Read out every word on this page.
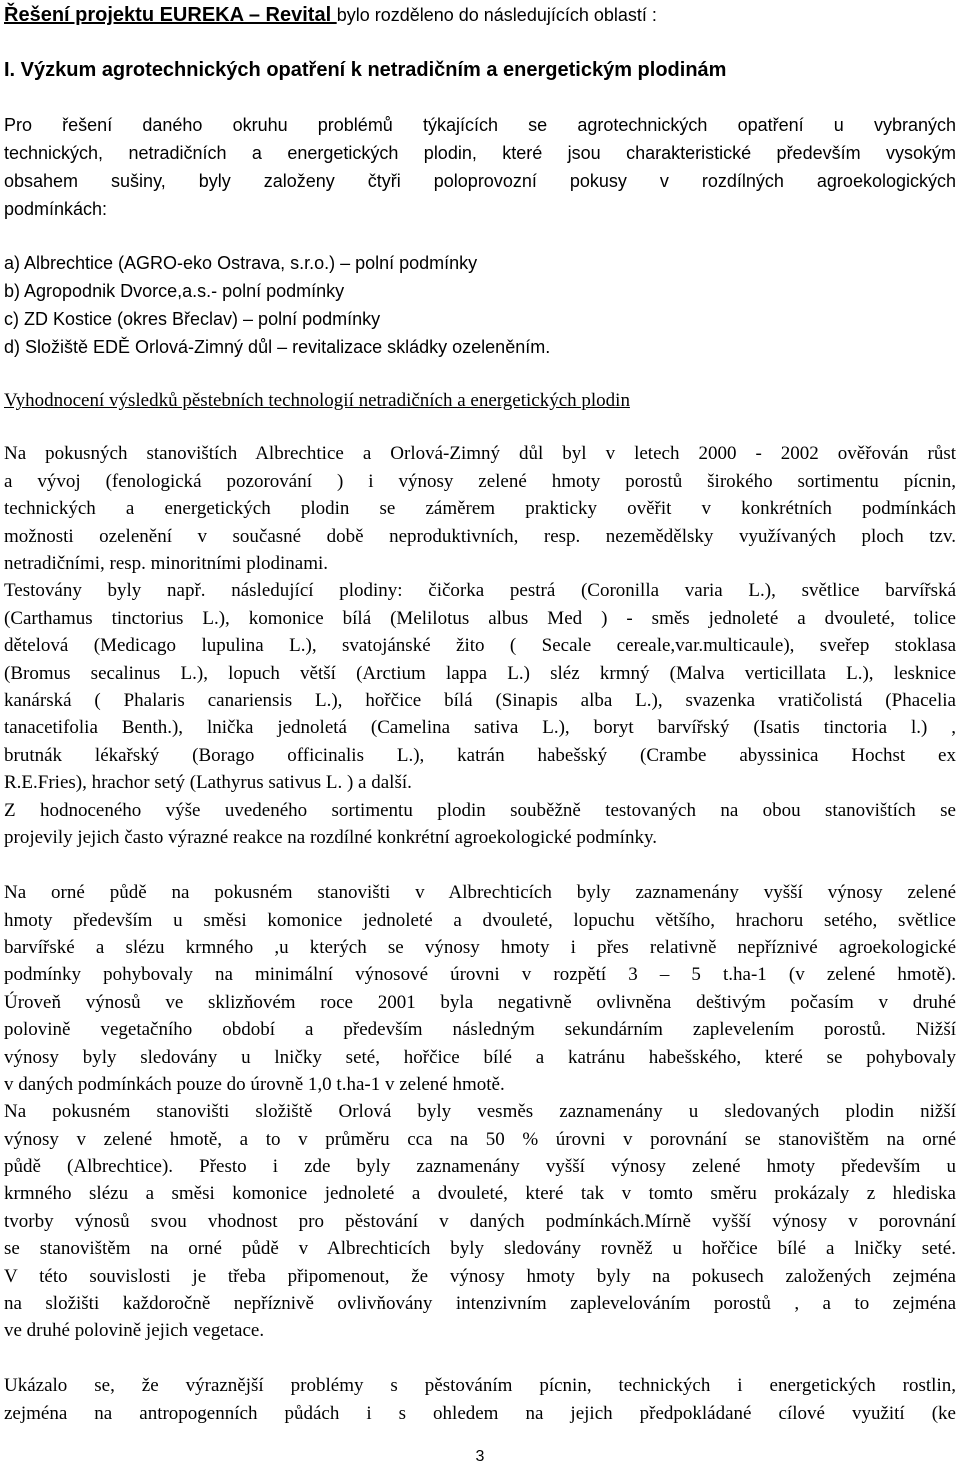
Řešení projektu EUREKA – Revital bylo rozděleno do následujících oblastí :
I. Výzkum agrotechnických opatření k netradičním a energetickým plodinám
Pro řešení daného okruhu problémů týkajících se agrotechnických opatření u vybraných
technických, netradičních a energetických plodin, které jsou charakteristické především vysokým
obsahem sušiny, byly založeny čtyři poloprovozní pokusy v rozdílných agroekologických
podmínkách:
a) Albrechtice (AGRO-eko Ostrava, s.r.o.) – polní podmínky
b) Agropodnik Dvorce,a.s.- polní podmínky
c) ZD Kostice (okres Břeclav) – polní podmínky
d) Složiště EDĚ Orlová-Zimný důl – revitalizace skládky ozeleněním.
Vyhodnocení výsledků pěstebních technologií netradičních a energetických plodin
Na pokusných stanovištích Albrechtice a Orlová-Zimný důl byl v letech 2000 - 2002 ověřován růst
a vývoj (fenologická pozorování ) i výnosy zelené hmoty porostů širokého sortimentu pícnin,
technických a energetických plodin se záměrem prakticky ověřit v konkrétních podmínkách
možnosti ozelenění v současné době neproduktivních, resp. nezemědělsky využívaných ploch tzv.
netradičními, resp. minoritními plodinami.
Testovány byly např. následující plodiny: čičorka pestrá (Coronilla varia L.), světlice barvířská
(Carthamus tinctorius L.), komonice bílá (Melilotus albus Med ) - směs jednoleté a dvouleté, tolice
dětelová (Medicago lupulina L.), svatojánské žito ( Secale cereale,var.multicaule), sveřep stoklasa
(Bromus secalinus L.), lopuch větší (Arctium lappa L.) sléz krmný (Malva verticillata L.), lesknice
kanárská ( Phalaris canariensis L.), hořčice bílá (Sinapis alba L.), svazenka vratičolistá (Phacelia
tanacetifolia Benth.), lnička jednoletá (Camelina sativa L.), boryt barvířský (Isatis tinctoria l.) ,
brutnák lékařský (Borago officinalis L.), katrán habešský (Crambe abyssinica Hochst ex
R.E.Fries), hrachor setý (Lathyrus sativus L. ) a další.
Z hodnoceného výše uvedeného sortimentu plodin souběžně testovaných na obou stanovištích se
projevily jejich často výrazné reakce na rozdílné konkrétní agroekologické podmínky.
Na orné půdě na pokusném stanovišti v Albrechticích byly zaznamenány vyšší výnosy zelené
hmoty především u směsi komonice jednoleté a dvouleté, lopuchu většího, hrachoru setého, světlice
barvířské a slézu krmného ,u kterých se výnosy hmoty i přes relativně nepříznivé agroekologické
podmínky pohybovaly na minimální výnosové úrovni v rozpětí 3 – 5 t.ha-1 (v zelené hmotě).
Úroveň výnosů ve sklizňovém roce 2001 byla negativně ovlivněna deštivým počasím v druhé
polovině vegetačního období a především následným sekundárním zaplevelením porostů. Nižší
výnosy byly sledovány u lničky seté, hořčice bílé a katránu habešského, které se pohybovaly
v daných podmínkách pouze do úrovně 1,0 t.ha-1 v zelené hmotě.
Na pokusném stanovišti složiště Orlová byly vesměs zaznamenány u sledovaných plodin nižší
výnosy v zelené hmotě, a to v průměru cca na 50 % úrovni v porovnání se stanovištěm na orné
půdě (Albrechtice). Přesto i zde byly zaznamenány vyšší výnosy zelené hmoty především u
krmného slézu a směsi komonice jednoleté a dvouleté, které tak v tomto směru prokázaly z hlediska
tvorby výnosů svou vhodnost pro pěstování v daných podmínkách.Mírně vyšší výnosy v porovnání
se stanovištěm na orné půdě v Albrechticích byly sledovány rovněž u hořčice bílé a lničky seté.
V této souvislosti je třeba připomenout, že výnosy hmoty byly na pokusech založených zejména
na složišti každoročně nepříznivě ovlivňovány intenzivním zaplevelováním porostů , a to zejména
ve druhé polovině jejich vegetace.
Ukázalo se, že výraznější problémy s pěstováním pícnin, technických i energetických rostlin,
zejména na antropogenních půdách i s ohledem na jejich předpokládané cílové využití (ke
3
